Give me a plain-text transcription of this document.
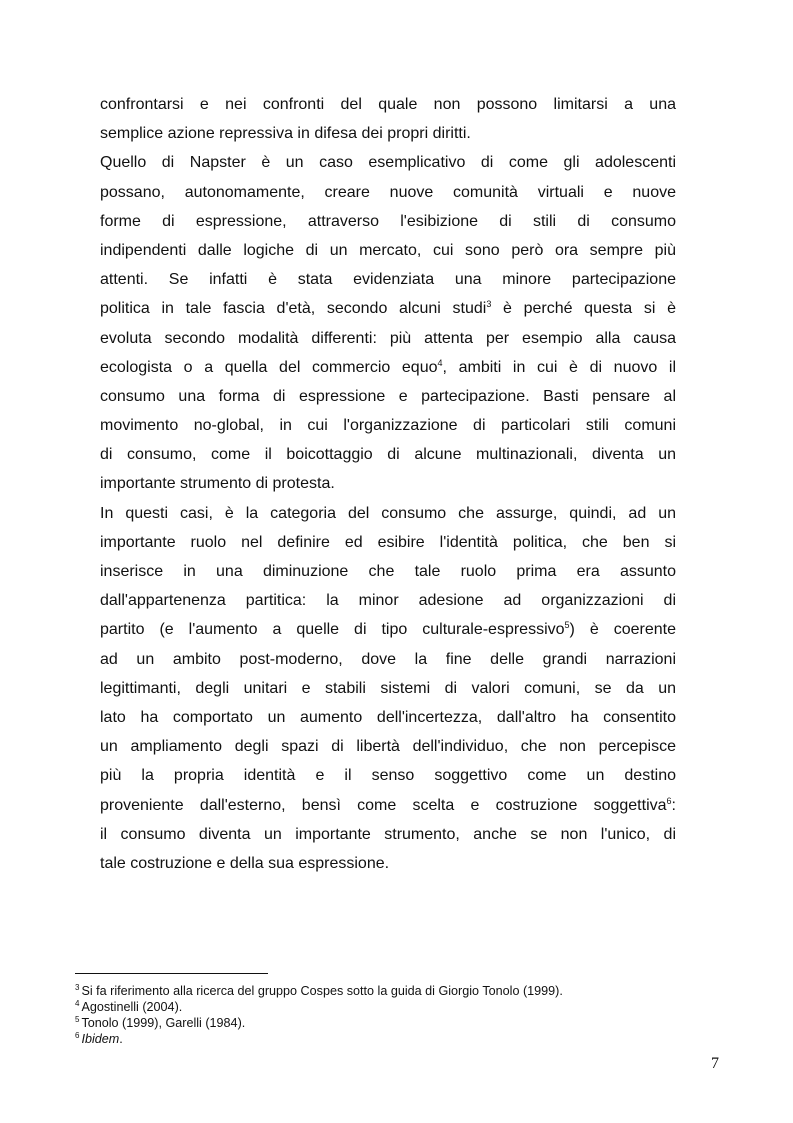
confrontarsi e nei confronti del quale non possono limitarsi a una
semplice azione repressiva in difesa dei propri diritti.
Quello di Napster è un caso esemplicativo di come gli adolescenti
possano, autonomamente, creare nuove comunità virtuali e nuove
forme di espressione, attraverso l'esibizione di stili di consumo
indipendenti dalle logiche di un mercato, cui sono però ora sempre più
attenti. Se infatti è stata evidenziata una minore partecipazione
politica in tale fascia d'età, secondo alcuni studi$^3$ è perché questa si è
evoluta secondo modalità differenti: più attenta per esempio alla causa
ecologista o a quella del commercio equo$^4$, ambiti in cui è di nuovo il
consumo una forma di espressione e partecipazione. Basti pensare al
movimento no-global, in cui l'organizzazione di particolari stili comuni
di consumo, come il boicottaggio di alcune multinazionali, diventa un
importante strumento di protesta.
In questi casi, è la categoria del consumo che assurge, quindi, ad un
importante ruolo nel definire ed esibire l'identità politica, che ben si
inserisce in una diminuzione che tale ruolo prima era assunto
dall'appartenenza partitica: la minor adesione ad organizzazioni di
partito (e l'aumento a quelle di tipo culturale-espressivo$^5$) è coerente
ad un ambito post-moderno, dove la fine delle grandi narrazioni
legittimanti, degli unitari e stabili sistemi di valori comuni, se da un
lato ha comportato un aumento dell'incertezza, dall'altro ha consentito
un ampliamento degli spazi di libertà dell'individuo, che non percepisce
più la propria identità e il senso soggettivo come un destino
proveniente dall'esterno, bensì come scelta e costruzione soggettiva$^6$:
il consumo diventa un importante strumento, anche se non l'unico, di
tale costruzione e della sua espressione.
$^3$ Si fa riferimento alla ricerca del gruppo Cospes sotto la guida di Giorgio Tonolo (1999).
$^4$ Agostinelli (2004).
$^5$ Tonolo (1999), Garelli (1984).
$^6$ Ibidem.
7
